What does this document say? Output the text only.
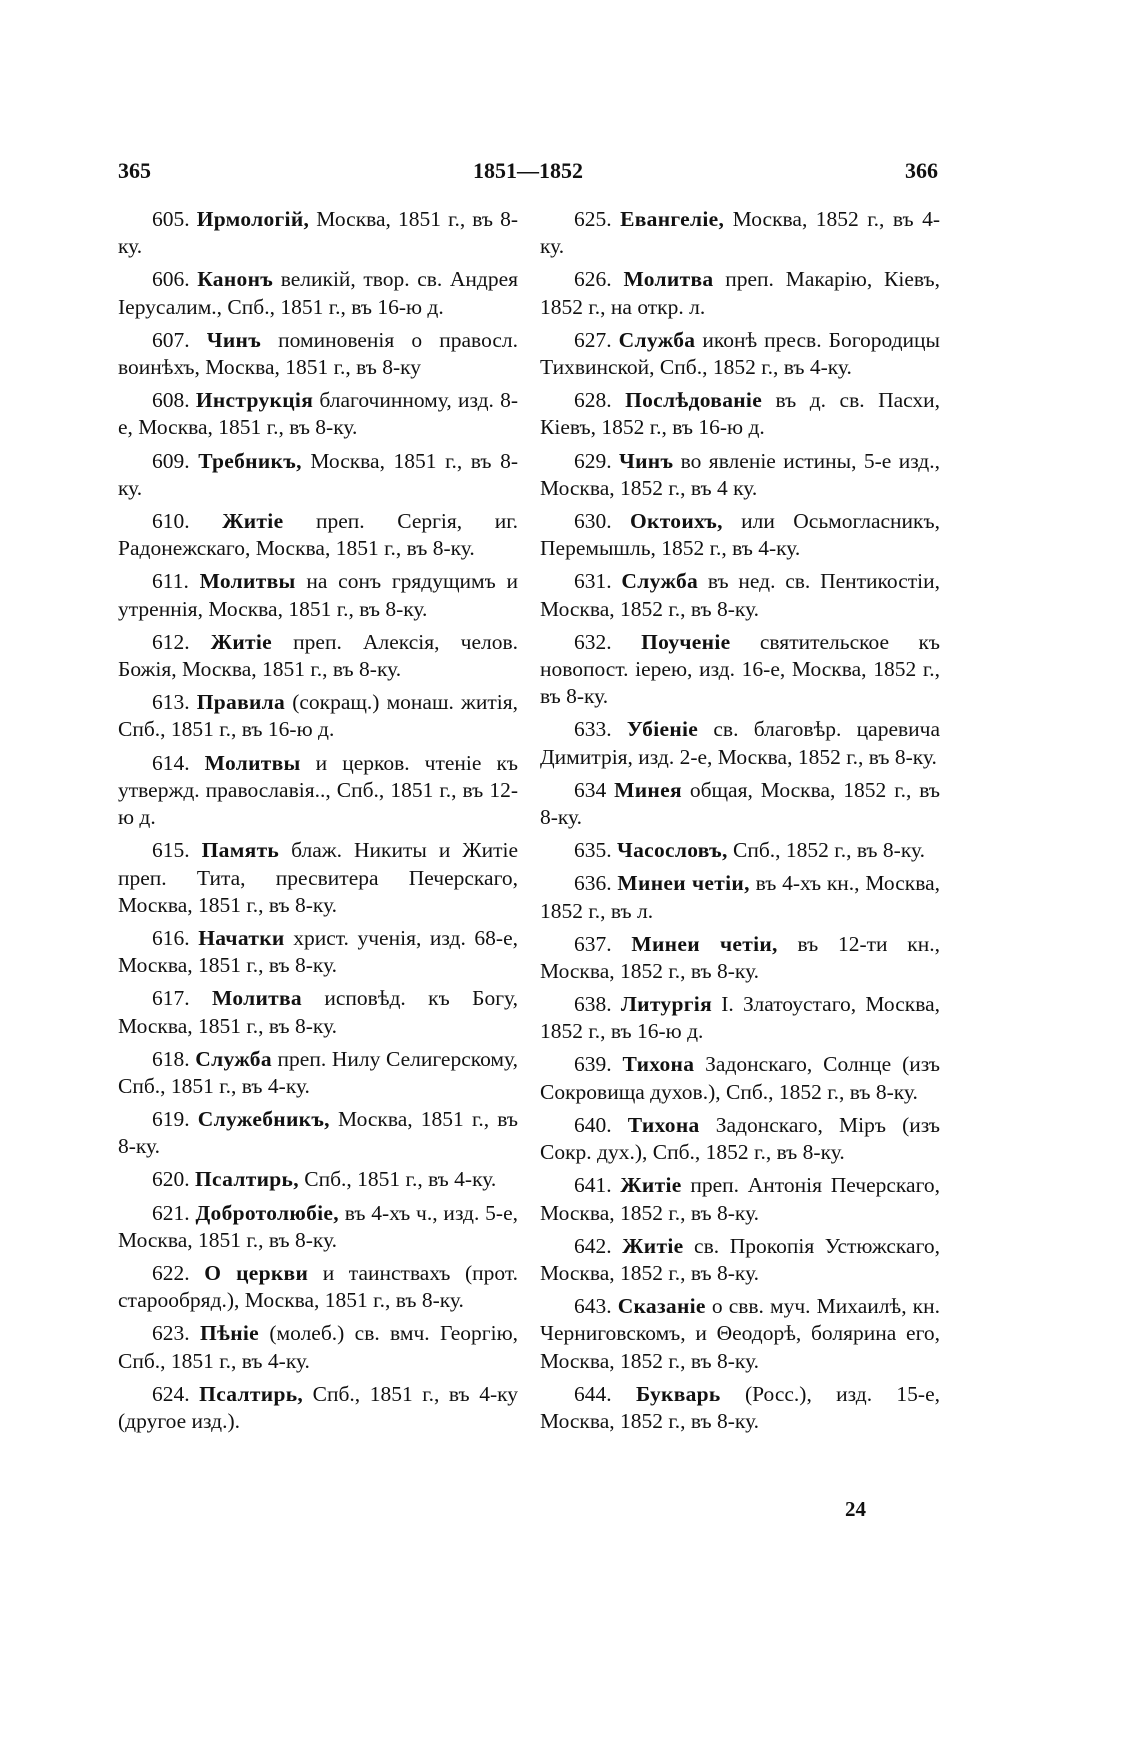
365	1851—1852	366

605. Ирмологій, Москва, 1851 г., въ 8-ку.

606. Канонъ великій, твор. св. Андрея Іерусалим., Спб., 1851 г., въ 16-ю д.

607. Чинъ поминовенія о правосл. воинѣхъ, Москва, 1851 г., въ 8-ку

608. Инструкція благочинному, изд. 8-е, Москва, 1851 г., въ 8-ку.

609. Требникъ, Москва, 1851 г., въ 8-ку.

610. Житіе преп. Сергія, иг. Радонежскаго, Москва, 1851 г., въ 8-ку.

611. Молитвы на сонъ грядущимъ и утреннія, Москва, 1851 г., въ 8-ку.

612. Житіе преп. Алексія, челов. Божія, Москва, 1851 г., въ 8-ку.

613. Правила (сокращ.) монаш. житія, Спб., 1851 г., въ 16-ю д.

614. Молитвы и церков. чтеніе къ утвержд. православія.., Спб., 1851 г., въ 12-ю д.

615. Память блаж. Никиты и Житіе преп. Тита, пресвитера Печерскаго, Москва, 1851 г., въ 8-ку.

616. Начатки христ. ученія, изд. 68-е, Москва, 1851 г., въ 8-ку.

617. Молитва исповѣд. къ Богу, Москва, 1851 г., въ 8-ку.

618. Служба преп. Нилу Селигерскому, Спб., 1851 г., въ 4-ку.

619. Служебникъ, Москва, 1851 г., въ 8-ку.

620. Псалтирь, Спб., 1851 г., въ 4-ку.

621. Добротолюбіе, въ 4-хъ ч., изд. 5-е, Москва, 1851 г., въ 8-ку.

622. О церкви и таинствахъ (прот. старообряд.), Москва, 1851 г., въ 8-ку.

623. Пѣніе (молеб.) св. вмч. Георгію, Спб., 1851 г., въ 4-ку.

624. Псалтирь, Спб., 1851 г., въ 4-ку (другое изд.).

625. Евангеліе, Москва, 1852 г., въ 4-ку.

626. Молитва преп. Макарію, Кіевъ, 1852 г., на откр. л.

627. Служба иконѣ пресв. Богородицы Тихвинской, Спб., 1852 г., въ 4-ку.

628. Послѣдованіе въ д. св. Пасхи, Кіевъ, 1852 г., въ 16-ю д.

629. Чинъ во явленіе истины, 5-е изд., Москва, 1852 г., въ 4 ку.

630. Октоихъ, или Осьмогласникъ, Перемышль, 1852 г., въ 4-ку.

631. Служба въ нед. св. Пентикостіи, Москва, 1852 г., въ 8-ку.

632. Поученіе святительское къ новопост. іерею, изд. 16-е, Москва, 1852 г., въ 8-ку.

633. Убіеніе св. благовѣр. царевича Димитрія, изд. 2-е, Москва, 1852 г., въ 8-ку.

634 Минея общая, Москва, 1852 г., въ 8-ку.

635. Часословъ, Спб., 1852 г., въ 8-ку.

636. Минеи четіи, въ 4-хъ кн., Москва, 1852 г., въ л.

637. Минеи четіи, въ 12-ти кн., Москва, 1852 г., въ 8-ку.

638. Литургія І. Златоустаго, Москва, 1852 г., въ 16-ю д.

639. Тихона Задонскаго, Солнце (изъ Сокровища духов.), Спб., 1852 г., въ 8-ку.

640. Тихона Задонскаго, Міръ (изъ Сокр. дух.), Спб., 1852 г., въ 8-ку.

641. Житіе преп. Антонія Печерскаго, Москва, 1852 г., въ 8-ку.

642. Житіе св. Прокопія Устюжскаго, Москва, 1852 г., въ 8-ку.

643. Сказаніе о свв. муч. Михаилѣ, кн. Черниговскомъ, и Θеодорѣ, болярина его, Москва, 1852 г., въ 8-ку.

644. Букварь (Росс.), изд. 15-е, Москва, 1852 г., въ 8-ку.

24
